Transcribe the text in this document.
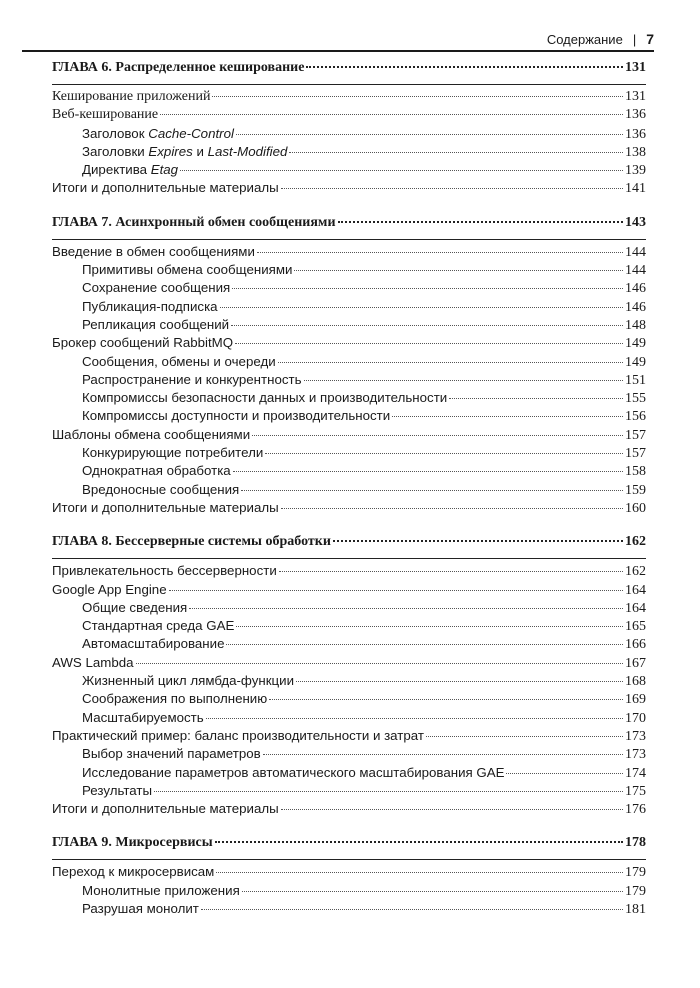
Содержание | 7
ГЛАВА 6. Распределенное кеширование	131
Кеширование приложений	131
Веб-кеширование	136
Заголовок Cache-Control	136
Заголовки Expires и Last-Modified	138
Директива Etag	139
Итоги и дополнительные материалы	141
ГЛАВА 7. Асинхронный обмен сообщениями	143
Введение в обмен сообщениями	144
Примитивы обмена сообщениями	144
Сохранение сообщения	146
Публикация-подписка	146
Репликация сообщений	148
Брокер сообщений RabbitMQ	149
Сообщения, обмены и очереди	149
Распространение и конкурентность	151
Компромиссы безопасности данных и производительности	155
Компромиссы доступности и производительности	156
Шаблоны обмена сообщениями	157
Конкурирующие потребители	157
Однократная обработка	158
Вредоносные сообщения	159
Итоги и дополнительные материалы	160
ГЛАВА 8. Бессерверные системы обработки	162
Привлекательность бессерверности	162
Google App Engine	164
Общие сведения	164
Стандартная среда GAE	165
Автомасштабирование	166
AWS Lambda	167
Жизненный цикл лямбда-функции	168
Соображения по выполнению	169
Масштабируемость	170
Практический пример: баланс производительности и затрат	173
Выбор значений параметров	173
Исследование параметров автоматического масштабирования GAE	174
Результаты	175
Итоги и дополнительные материалы	176
ГЛАВА 9. Микросервисы	178
Переход к микросервисам	179
Монолитные приложения	179
Разрушая монолит	181
